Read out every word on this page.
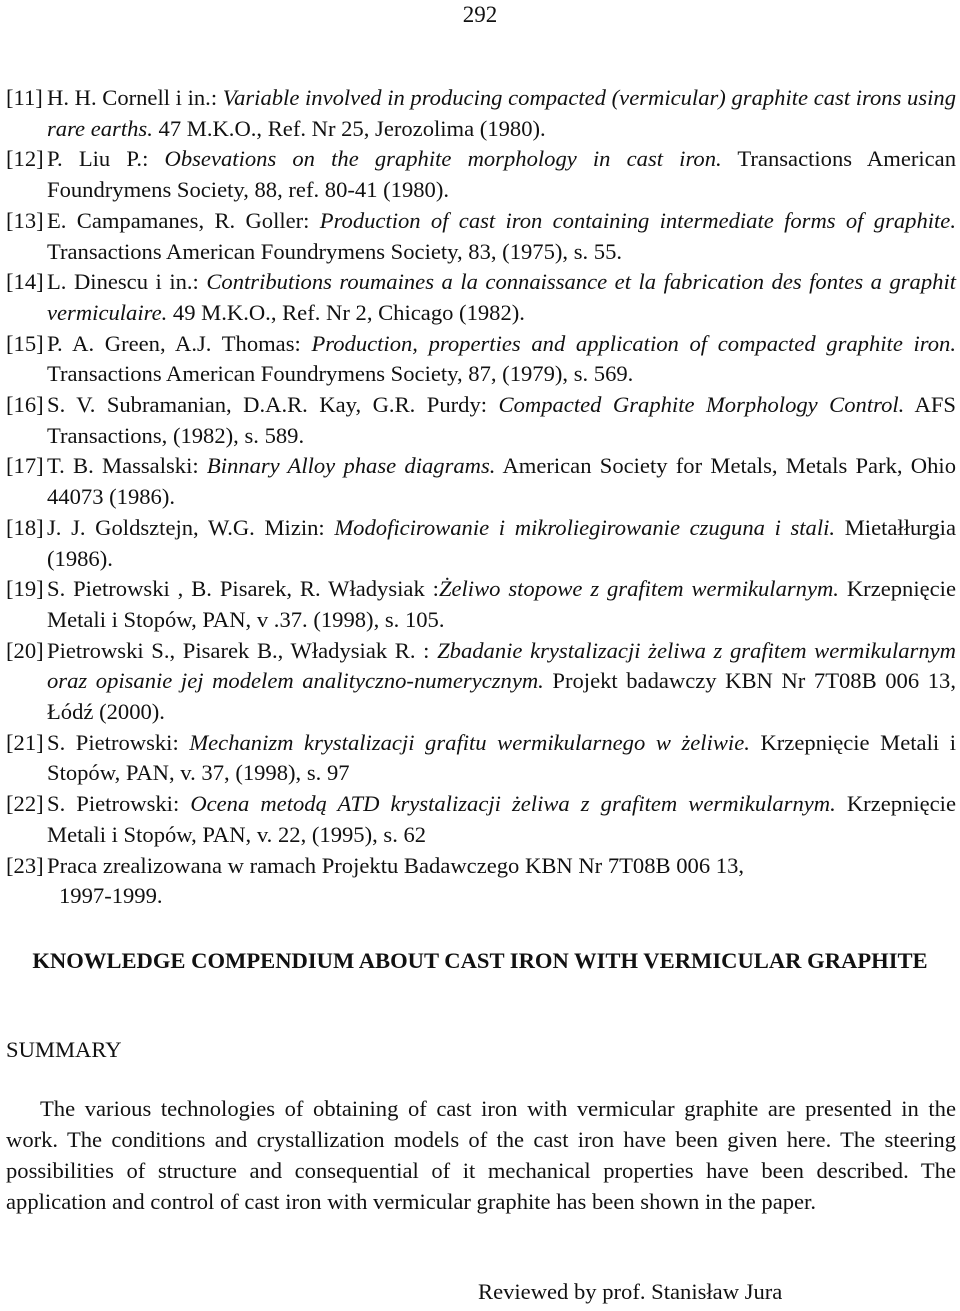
292
[11] H. H. Cornell i in.: Variable involved in producing compacted (vermicular) graphite cast irons using rare earths. 47 M.K.O., Ref. Nr 25, Jerozolima (1980).
[12] P. Liu P.: Obsevations on the graphite morphology in cast iron. Transactions American Foundrymens Society, 88, ref. 80-41 (1980).
[13] E. Campamanes, R. Goller: Production of cast iron containing intermediate forms of graphite. Transactions American Foundrymens Society, 83, (1975), s. 55.
[14] L. Dinescu i in.: Contributions roumaines a la connaissance et la fabrication des fontes a graphit vermiculaire. 49 M.K.O., Ref. Nr 2, Chicago (1982).
[15] P. A. Green, A.J. Thomas: Production, properties and application of compacted graphite iron. Transactions American Foundrymens Society, 87, (1979), s. 569.
[16] S. V. Subramanian, D.A.R. Kay, G.R. Purdy: Compacted Graphite Morphology Control. AFS Transactions, (1982), s. 589.
[17] T. B. Massalski: Binnary Alloy phase diagrams. American Society for Metals, Metals Park, Ohio 44073 (1986).
[18] J. J. Goldsztejn, W.G. Mizin: Modoficirowanie i mikroliegirowanie czuguna i stali. Mietałłurgia (1986).
[19] S. Pietrowski , B. Pisarek, R. Władysiak :Żeliwo stopowe z grafitem wermikularnym. Krzepnięcie Metali i Stopów, PAN, v .37. (1998), s. 105.
[20] Pietrowski S., Pisarek B., Władysiak R. : Zbadanie krystalizacji żeliwa z grafitem wermikularnym oraz opisanie jej modelem analityczno-numerycznym. Projekt badawczy KBN Nr 7T08B 006 13, Łódź (2000).
[21] S. Pietrowski: Mechanizm krystalizacji grafitu wermikularnego w żeliwie. Krzepnięcie Metali i Stopów, PAN, v. 37, (1998), s. 97
[22] S. Pietrowski: Ocena metodą ATD krystalizacji żeliwa z grafitem wermikularnym. Krzepnięcie Metali i Stopów, PAN, v. 22, (1995), s. 62
[23] Praca zrealizowana w ramach Projektu Badawczego KBN Nr 7T08B 006 13,
1997-1999.
KNOWLEDGE COMPENDIUM ABOUT CAST IRON WITH VERMICULAR GRAPHITE
SUMMARY
The various technologies of obtaining of cast iron with vermicular graphite are presented in the work. The conditions and crystallization models of the cast iron have been given here. The steering possibilities of structure and consequential of it mechanical properties have been described. The application and control of cast iron with vermicular graphite has been shown in the paper.
Reviewed by prof. Stanisław Jura
